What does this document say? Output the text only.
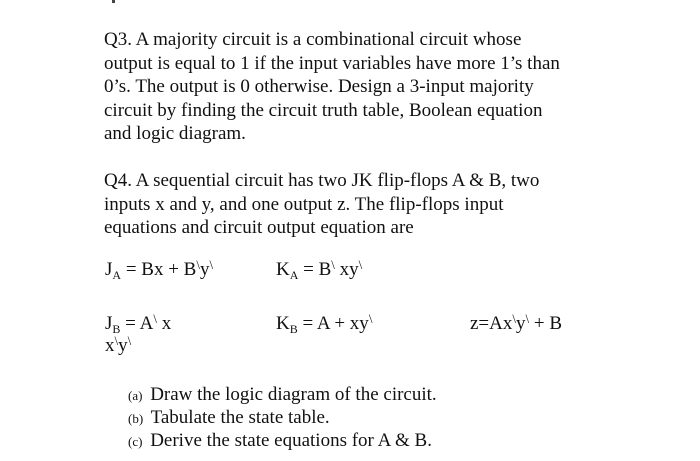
Q3. A majority circuit is a combinational circuit whose
output is equal to 1 if the input variables have more 1’s than
0’s. The output is 0 otherwise. Design a 3-input majority
circuit by finding the circuit truth table, Boolean equation
and logic diagram.

Q4. A sequential circuit has two JK flip-flops A & B, two
inputs x and y, and one output z. The flip-flops input
equations and circuit output equation are

$J_A = Bx + B^\backslash y^\backslash$	$K_A = B^\backslash$ xy\
$J_B = A^\backslash$ x	$K_B = A + xy^\backslash$	z=Ax\y\ + B
x\y\
(a) Draw the logic diagram of the circuit.
(b) Tabulate the state table.
(c) Derive the state equations for A & B.
